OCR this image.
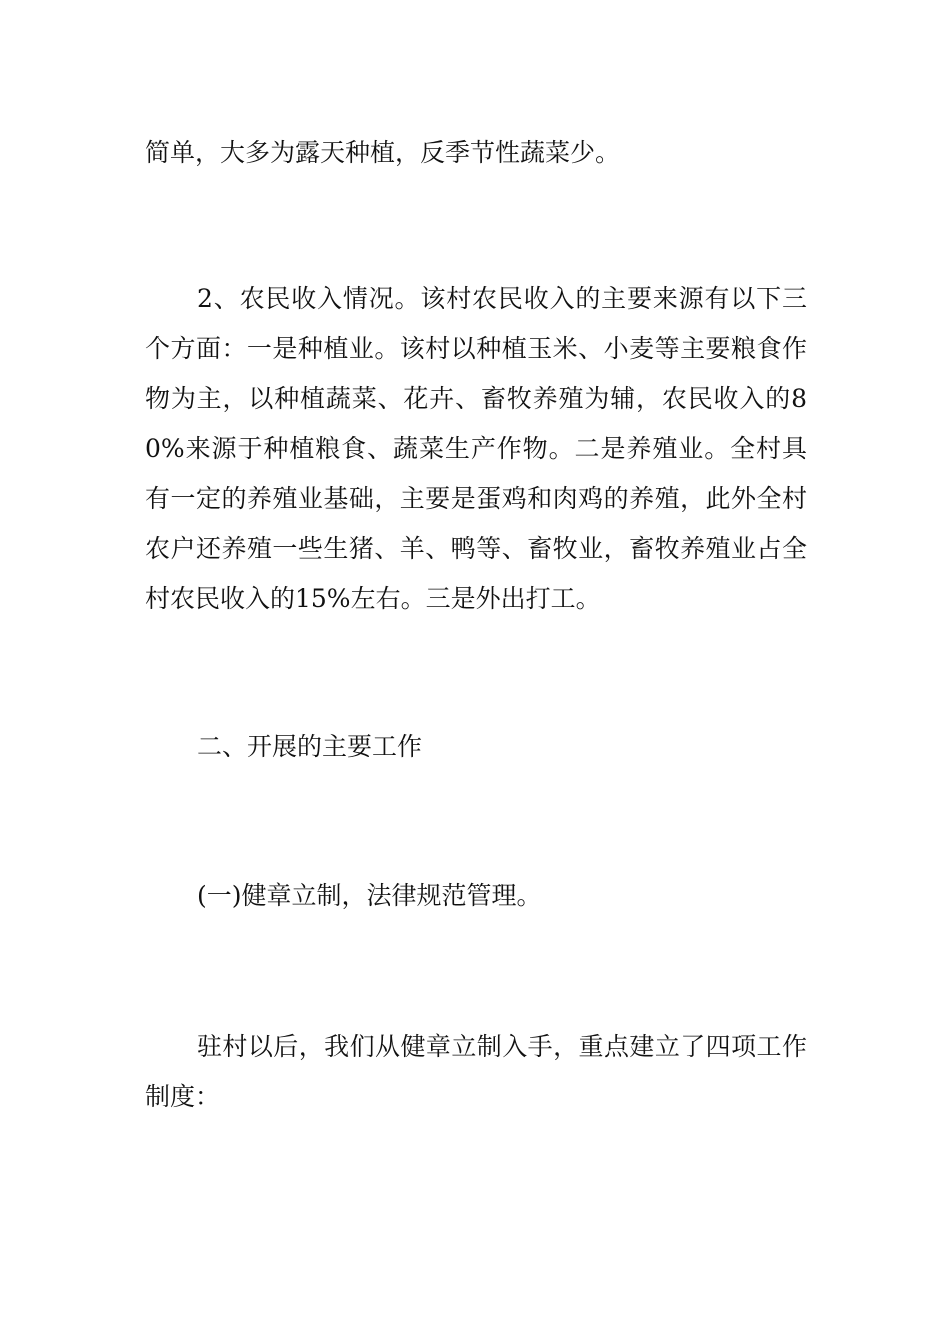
简单，大多为露天种植，反季节性蔬菜少。

2、农民收入情况。该村农民收入的主要来源有以下三个方面：一是种植业。该村以种植玉米、小麦等主要粮食作物为主，以种植蔬菜、花卉、畜牧养殖为辅，农民收入的80%来源于种植粮食、蔬菜生产作物。二是养殖业。全村具有一定的养殖业基础，主要是蛋鸡和肉鸡的养殖，此外全村农户还养殖一些生猪、羊、鸭等、畜牧业，畜牧养殖业占全村农民收入的15%左右。三是外出打工。

二、开展的主要工作

(一)健章立制，法律规范管理。

驻村以后，我们从健章立制入手，重点建立了四项工作制度：
